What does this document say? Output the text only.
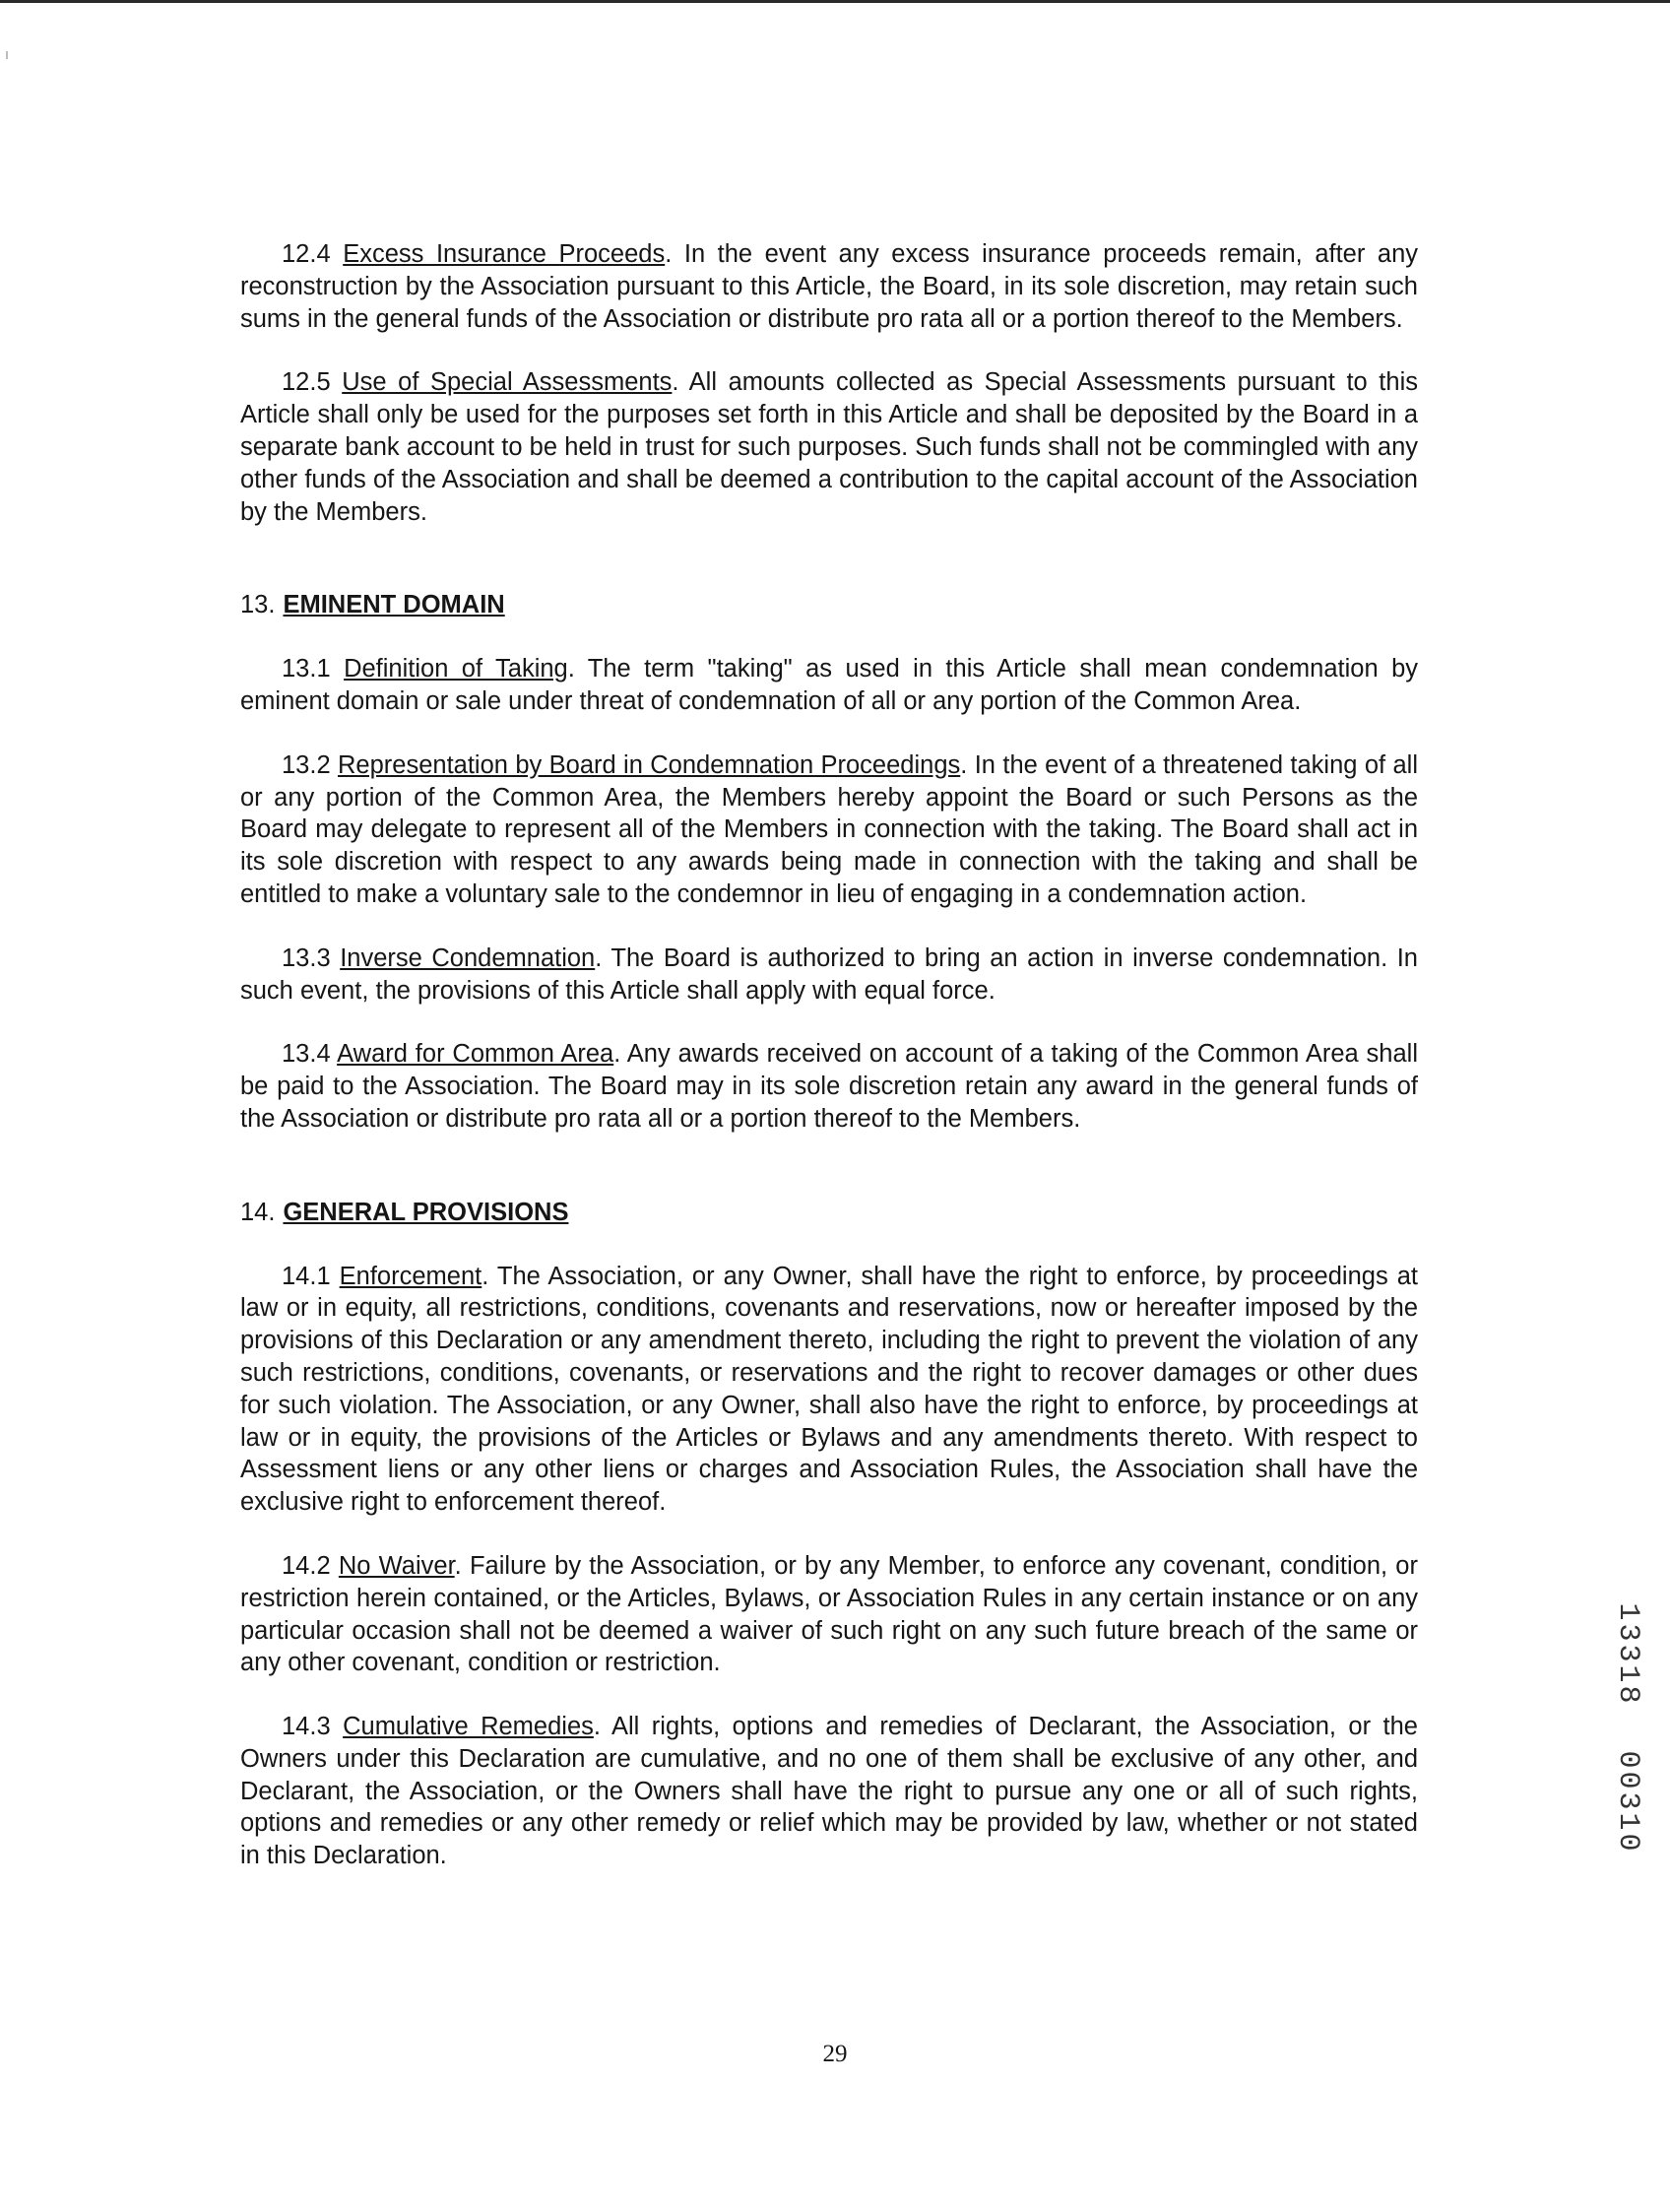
12.4 Excess Insurance Proceeds. In the event any excess insurance proceeds remain, after any reconstruction by the Association pursuant to this Article, the Board, in its sole discretion, may retain such sums in the general funds of the Association or distribute pro rata all or a portion thereof to the Members.

12.5 Use of Special Assessments. All amounts collected as Special Assessments pursuant to this Article shall only be used for the purposes set forth in this Article and shall be deposited by the Board in a separate bank account to be held in trust for such purposes. Such funds shall not be commingled with any other funds of the Association and shall be deemed a contribution to the capital account of the Association by the Members.

13. EMINENT DOMAIN

13.1 Definition of Taking. The term "taking" as used in this Article shall mean condemnation by eminent domain or sale under threat of condemnation of all or any portion of the Common Area.

13.2 Representation by Board in Condemnation Proceedings. In the event of a threatened taking of all or any portion of the Common Area, the Members hereby appoint the Board or such Persons as the Board may delegate to represent all of the Members in connection with the taking. The Board shall act in its sole discretion with respect to any awards being made in connection with the taking and shall be entitled to make a voluntary sale to the condemnor in lieu of engaging in a condemnation action.

13.3 Inverse Condemnation. The Board is authorized to bring an action in inverse condemnation. In such event, the provisions of this Article shall apply with equal force.

13.4 Award for Common Area. Any awards received on account of a taking of the Common Area shall be paid to the Association. The Board may in its sole discretion retain any award in the general funds of the Association or distribute pro rata all or a portion thereof to the Members.

14. GENERAL PROVISIONS

14.1 Enforcement. The Association, or any Owner, shall have the right to enforce, by proceedings at law or in equity, all restrictions, conditions, covenants and reservations, now or hereafter imposed by the provisions of this Declaration or any amendment thereto, including the right to prevent the violation of any such restrictions, conditions, covenants, or reservations and the right to recover damages or other dues for such violation. The Association, or any Owner, shall also have the right to enforce, by proceedings at law or in equity, the provisions of the Articles or Bylaws and any amendments thereto. With respect to Assessment liens or any other liens or charges and Association Rules, the Association shall have the exclusive right to enforcement thereof.

14.2 No Waiver. Failure by the Association, or by any Member, to enforce any covenant, condition, or restriction herein contained, or the Articles, Bylaws, or Association Rules in any certain instance or on any particular occasion shall not be deemed a waiver of such right on any such future breach of the same or any other covenant, condition or restriction.

14.3 Cumulative Remedies. All rights, options and remedies of Declarant, the Association, or the Owners under this Declaration are cumulative, and no one of them shall be exclusive of any other, and Declarant, the Association, or the Owners shall have the right to pursue any one or all of such rights, options and remedies or any other remedy or relief which may be provided by law, whether or not stated in this Declaration.

13318
00310
29
